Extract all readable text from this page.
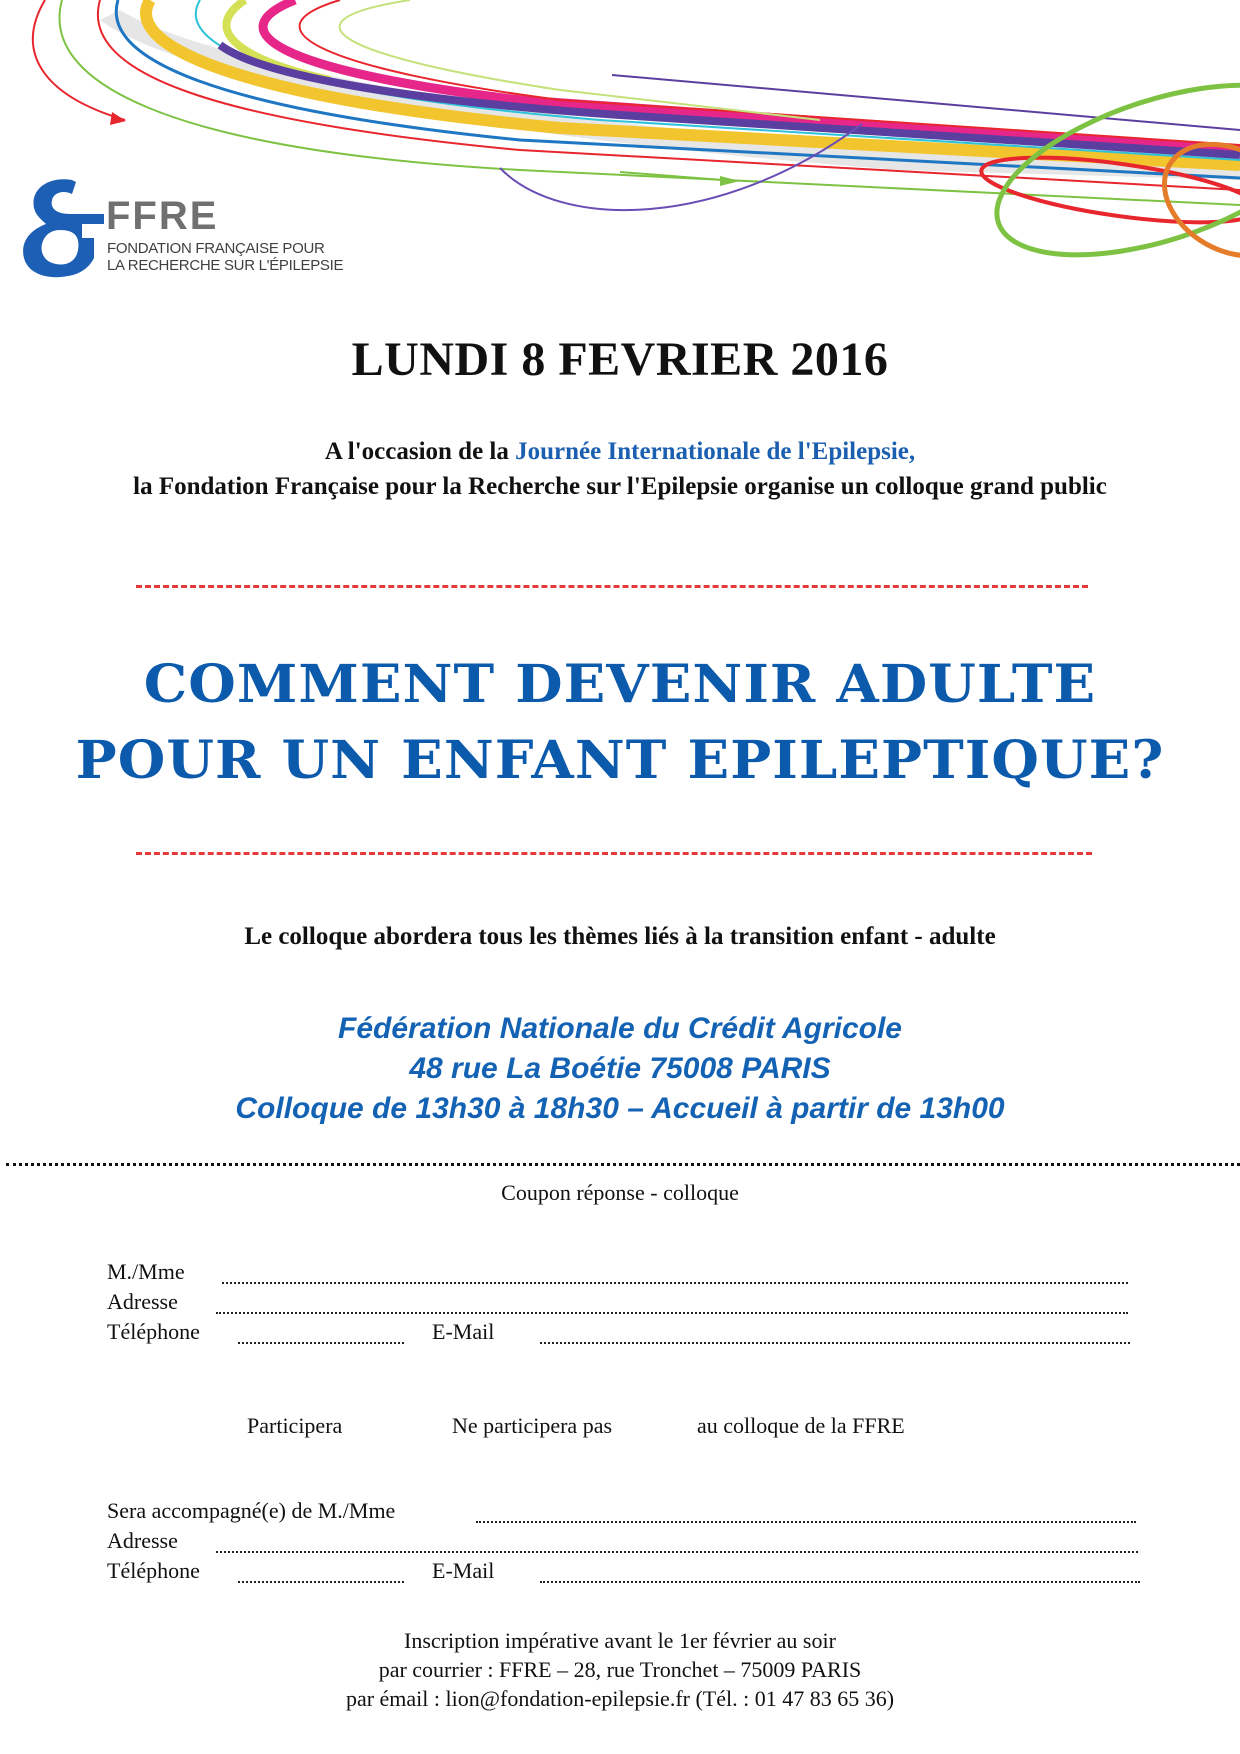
FFRE
FONDATION FRANÇAISE POUR
LA RECHERCHE SUR L'ÉPILEPSIE
LUNDI 8 FEVRIER 2016
A l'occasion de la Journée Internationale de l'Epilepsie,
la Fondation Française pour la Recherche sur l'Epilepsie organise un colloque grand public
COMMENT DEVENIR ADULTE
POUR UN ENFANT EPILEPTIQUE?
Le colloque abordera tous les thèmes liés à la transition enfant - adulte
Fédération Nationale du Crédit Agricole
48 rue La Boétie 75008 PARIS
Colloque de 13h30 à 18h30 – Accueil à partir de 13h00
Coupon réponse - colloque
M./Mme
Adresse
Téléphone	E-Mail
Participera	Ne participera pas	au colloque de la FFRE
Sera accompagné(e) de M./Mme
Adresse
Téléphone	E-Mail
Inscription impérative avant le 1er février au soir
par courrier : FFRE – 28, rue Tronchet – 75009 PARIS
par émail : lion@fondation-epilepsie.fr (Tél. : 01 47 83 65 36)
